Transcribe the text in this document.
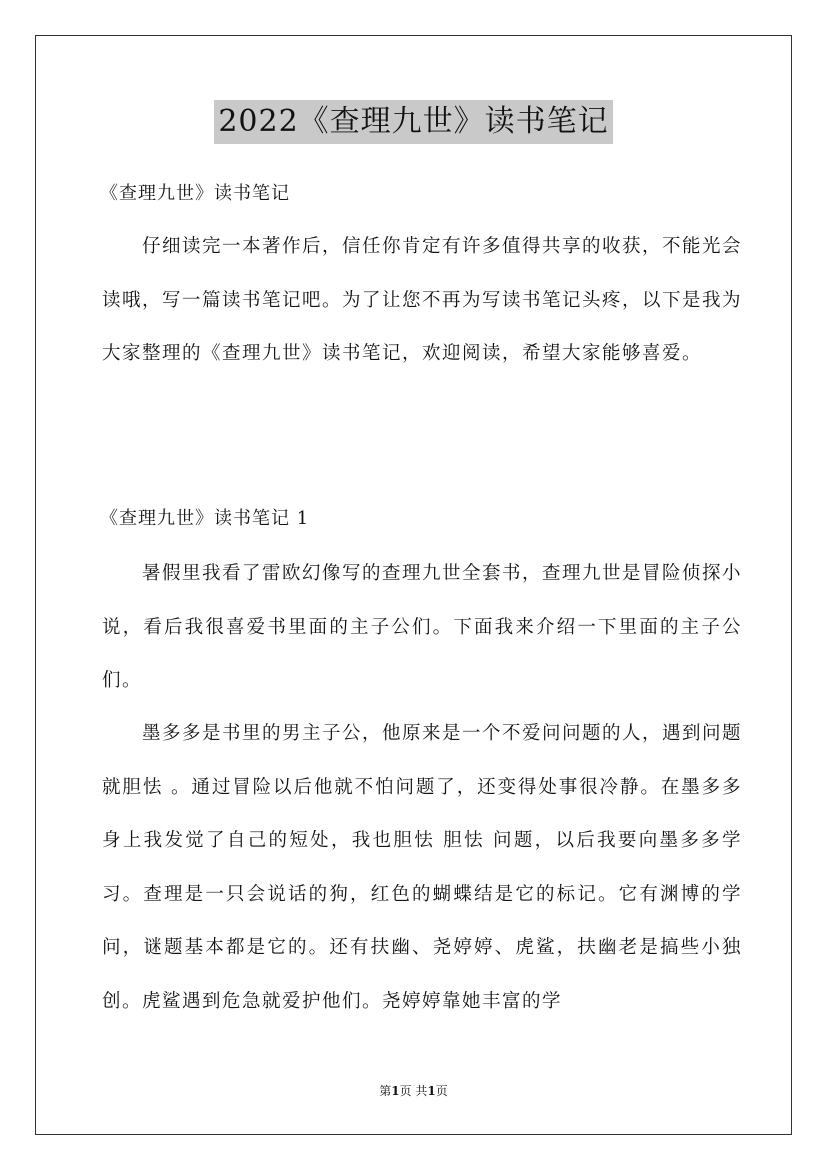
2022《查理九世》读书笔记
《查理九世》读书笔记

仔细读完一本著作后，信任你肯定有许多值得共享的收获，不能光会读哦，写一篇读书笔记吧。为了让您不再为写读书笔记头疼，以下是我为大家整理的《查理九世》读书笔记，欢迎阅读，希望大家能够喜爱。

《查理九世》读书笔记 1

暑假里我看了雷欧幻像写的查理九世全套书，查理九世是冒险侦探小说，看后我很喜爱书里面的主子公们。下面我来介绍一下里面的主子公们。

墨多多是书里的男主子公，他原来是一个不爱问问题的人，遇到问题就胆怯 。通过冒险以后他就不怕问题了，还变得处事很冷静。在墨多多身上我发觉了自己的短处，我也胆怯 胆怯 问题，以后我要向墨多多学习。查理是一只会说话的狗，红色的蝴蝶结是它的标记。它有渊博的学问，谜题基本都是它的。还有扶幽、尧婷婷、虎鲨，扶幽老是搞些小独创。虎鲨遇到危急就爱护他们。尧婷婷靠她丰富的学

第1页 共1页
